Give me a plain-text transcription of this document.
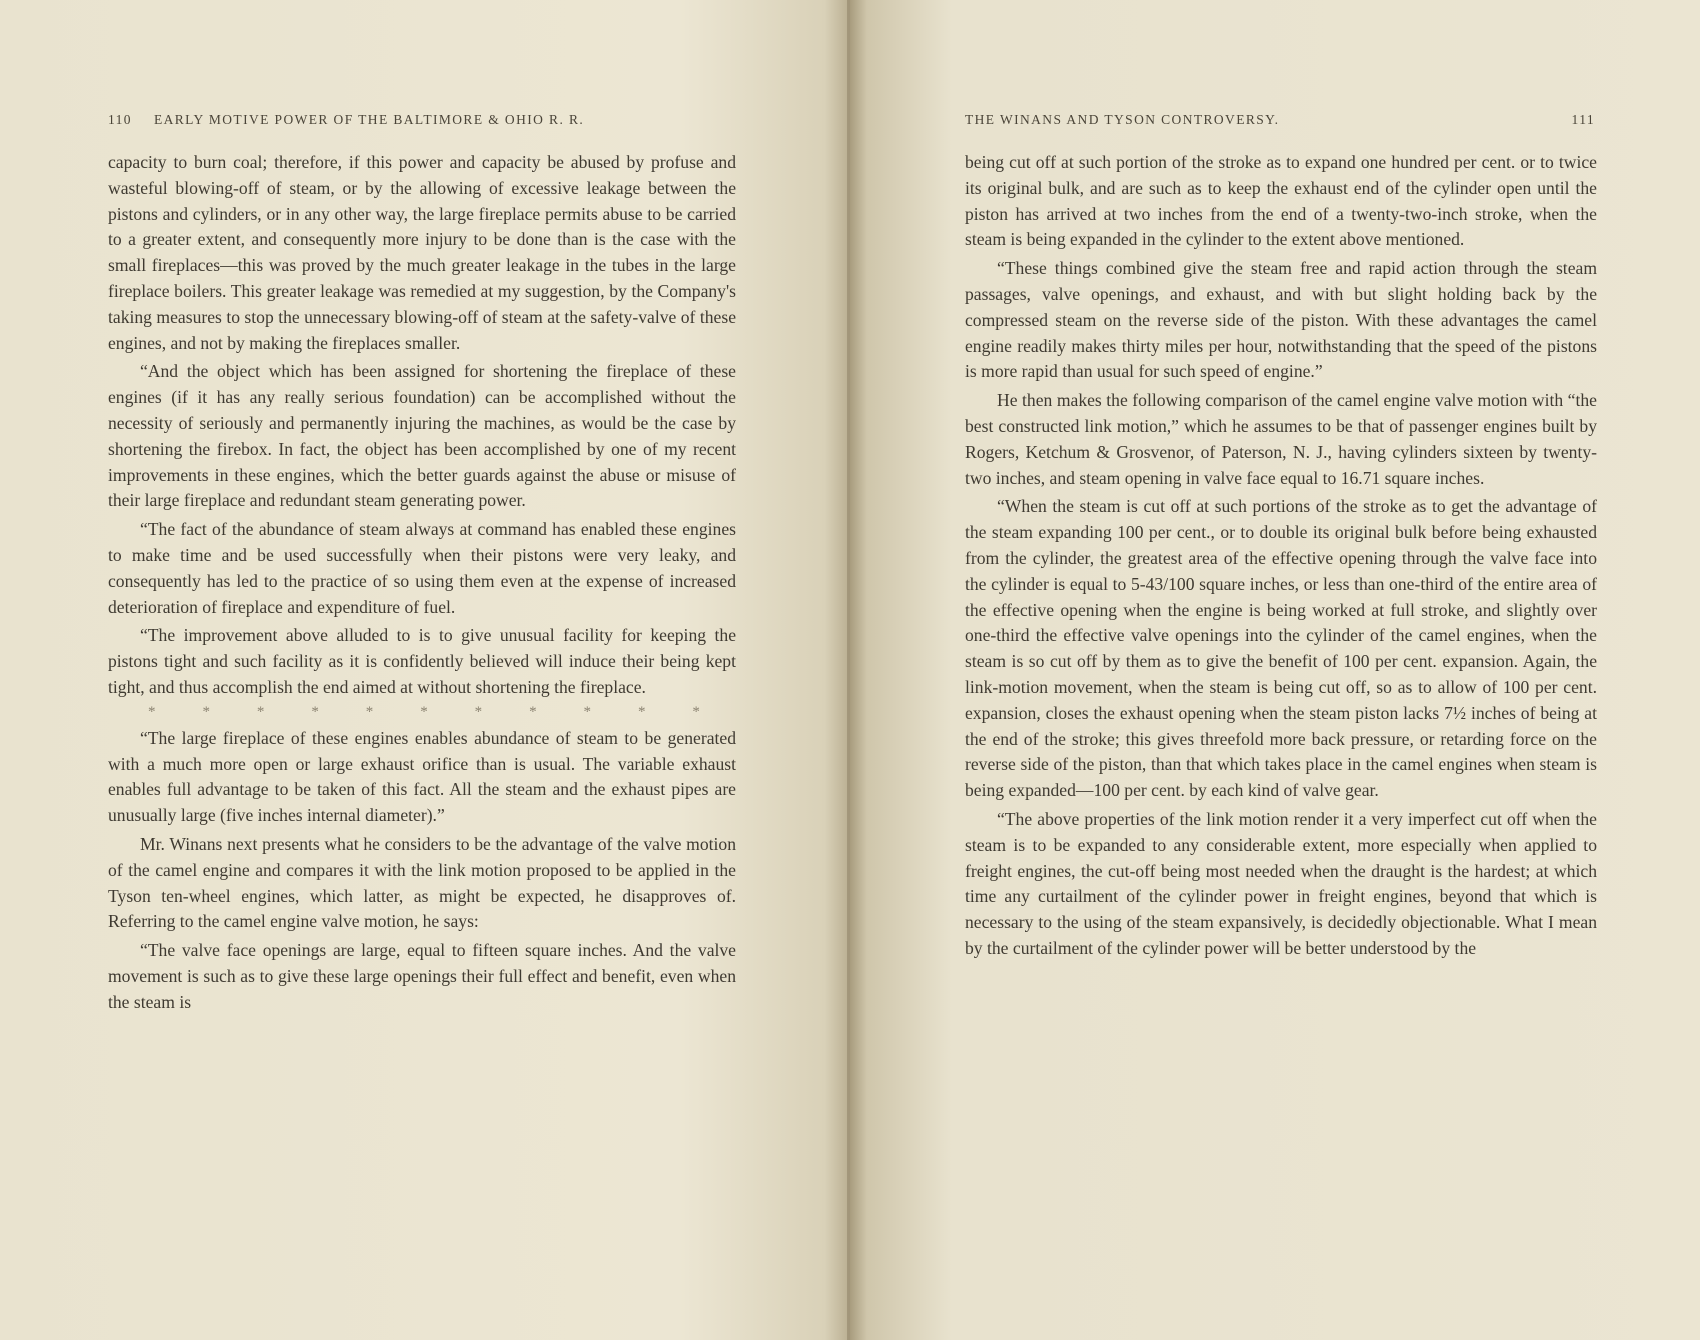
110 EARLY MOTIVE POWER OF THE BALTIMORE & OHIO R. R.

capacity to burn coal; therefore, if this power and capacity be abused by profuse and wasteful blowing-off of steam, or by the allowing of excessive leakage between the pistons and cylinders, or in any other way, the large fireplace permits abuse to be carried to a greater extent, and consequently more injury to be done than is the case with the small fireplaces—this was proved by the much greater leakage in the tubes in the large fireplace boilers. This greater leakage was remedied at my suggestion, by the Company's taking measures to stop the unnecessary blowing-off of steam at the safety-valve of these engines, and not by making the fireplaces smaller.

“And the object which has been assigned for shortening the fireplace of these engines (if it has any really serious foundation) can be accomplished without the necessity of seriously and permanently injuring the machines, as would be the case by shortening the firebox. In fact, the object has been accomplished by one of my recent improvements in these engines, which the better guards against the abuse or misuse of their large fireplace and redundant steam generating power.

“The fact of the abundance of steam always at command has enabled these engines to make time and be used successfully when their pistons were very leaky, and consequently has led to the practice of so using them even at the expense of increased deterioration of fireplace and expenditure of fuel.

“The improvement above alluded to is to give unusual facility for keeping the pistons tight and such facility as it is confidently believed will induce their being kept tight, and thus accomplish the end aimed at without shortening the fireplace.

*	*	*	*	*	*	*	*	*	*	*

“The large fireplace of these engines enables abundance of steam to be generated with a much more open or large exhaust orifice than is usual. The variable exhaust enables full advantage to be taken of this fact. All the steam and the exhaust pipes are unusually large (five inches internal diameter).”

Mr. Winans next presents what he considers to be the advantage of the valve motion of the camel engine and compares it with the link motion proposed to be applied in the Tyson ten-wheel engines, which latter, as might be expected, he disapproves of. Referring to the camel engine valve motion, he says:

“The valve face openings are large, equal to fifteen square inches. And the valve movement is such as to give these large openings their full effect and benefit, even when the steam is

THE WINANS AND TYSON CONTROVERSY.	111

being cut off at such portion of the stroke as to expand one hundred per cent. or to twice its original bulk, and are such as to keep the exhaust end of the cylinder open until the piston has arrived at two inches from the end of a twenty-two-inch stroke, when the steam is being expanded in the cylinder to the extent above mentioned.

“These things combined give the steam free and rapid action through the steam passages, valve openings, and exhaust, and with but slight holding back by the compressed steam on the reverse side of the piston. With these advantages the camel engine readily makes thirty miles per hour, notwithstanding that the speed of the pistons is more rapid than usual for such speed of engine.”

He then makes the following comparison of the camel engine valve motion with “the best constructed link motion,” which he assumes to be that of passenger engines built by Rogers, Ketchum & Grosvenor, of Paterson, N. J., having cylinders sixteen by twenty-two inches, and steam opening in valve face equal to 16.71 square inches.

“When the steam is cut off at such portions of the stroke as to get the advantage of the steam expanding 100 per cent., or to double its original bulk before being exhausted from the cylinder, the greatest area of the effective opening through the valve face into the cylinder is equal to 5-43/100 square inches, or less than one-third of the entire area of the effective opening when the engine is being worked at full stroke, and slightly over one-third the effective valve openings into the cylinder of the camel engines, when the steam is so cut off by them as to give the benefit of 100 per cent. expansion. Again, the link-motion movement, when the steam is being cut off, so as to allow of 100 per cent. expansion, closes the exhaust opening when the steam piston lacks 7½ inches of being at the end of the stroke; this gives threefold more back pressure, or retarding force on the reverse side of the piston, than that which takes place in the camel engines when steam is being expanded—100 per cent. by each kind of valve gear.

“The above properties of the link motion render it a very imperfect cut off when the steam is to be expanded to any considerable extent, more especially when applied to freight engines, the cut-off being most needed when the draught is the hardest; at which time any curtailment of the cylinder power in freight engines, beyond that which is necessary to the using of the steam expansively, is decidedly objectionable. What I mean by the curtailment of the cylinder power will be better understood by the
